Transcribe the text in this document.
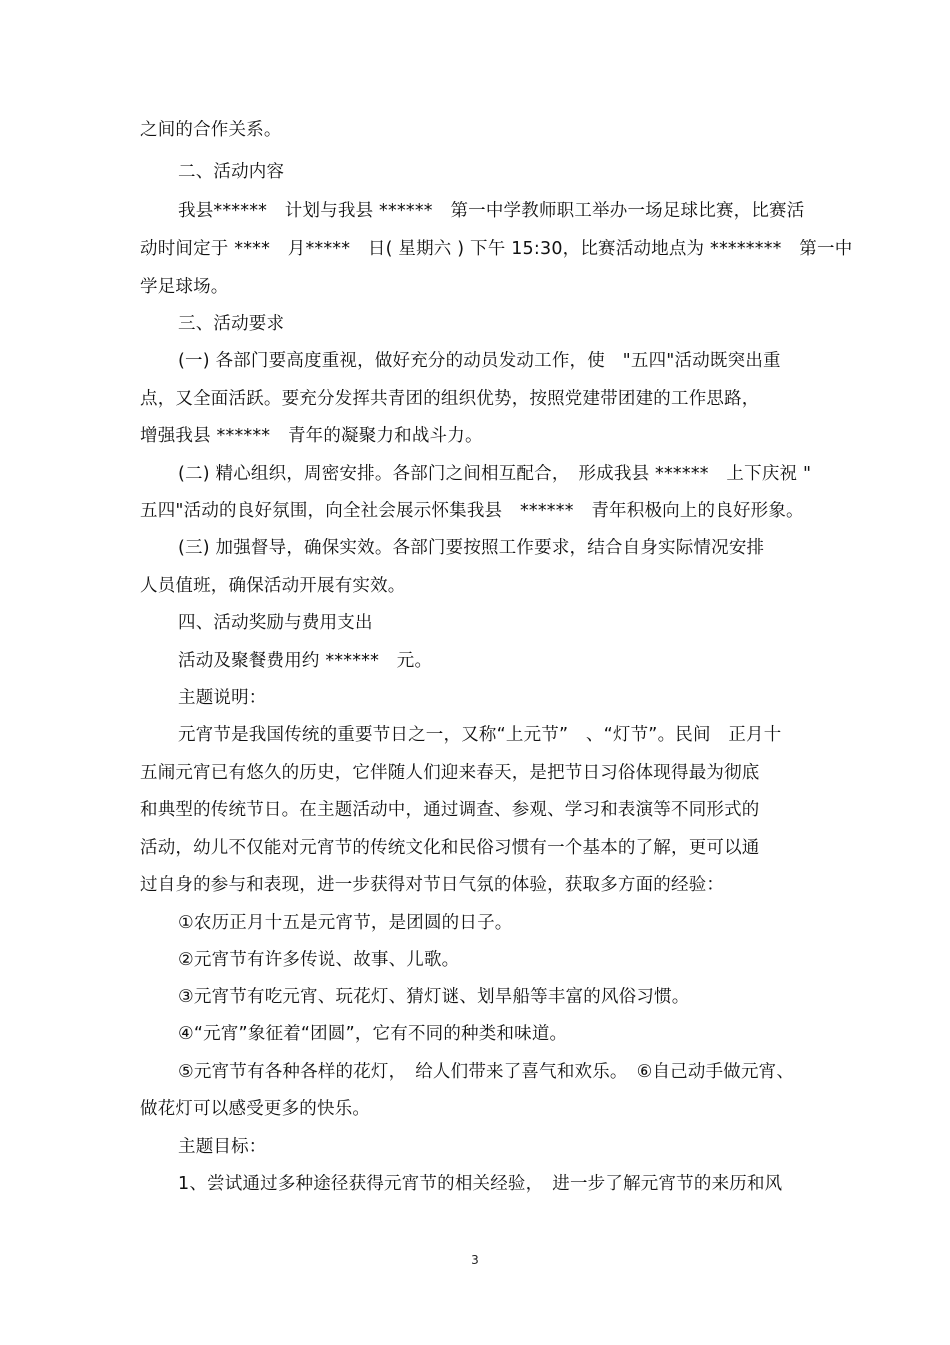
之间的合作关系。
二、活动内容
我县******　计划与我县 ******　第一中学教师职工举办一场足球比赛，比赛活
动时间定于 ****　月*****　日( 星期六 ) 下午 15:30，比赛活动地点为 ********　第一中
学足球场。
三、活动要求
(一) 各部门要高度重视，做好充分的动员发动工作，使　"五四"活动既突出重
点，又全面活跃。要充分发挥共青团的组织优势，按照党建带团建的工作思路，
增强我县 ******　青年的凝聚力和战斗力。
(二) 精心组织，周密安排。各部门之间相互配合，　形成我县 ******　上下庆祝 "
五四"活动的良好氛围，向全社会展示怀集我县　******　青年积极向上的良好形象。
(三) 加强督导，确保实效。各部门要按照工作要求，结合自身实际情况安排
人员值班，确保活动开展有实效。
四、活动奖励与费用支出
活动及聚餐费用约 ******　元。
主题说明：
元宵节是我国传统的重要节日之一，又称“上元节”　、“灯节”。民间　正月十
五闹元宵已有悠久的历史，它伴随人们迎来春天，是把节日习俗体现得最为彻底
和典型的传统节日。在主题活动中，通过调查、参观、学习和表演等不同形式的
活动，幼儿不仅能对元宵节的传统文化和民俗习惯有一个基本的了解，更可以通
过自身的参与和表现，进一步获得对节日气氛的体验，获取多方面的经验：
①农历正月十五是元宵节，是团圆的日子。
②元宵节有许多传说、故事、儿歌。
③元宵节有吃元宵、玩花灯、猜灯谜、划旱船等丰富的风俗习惯。
④“元宵”象征着“团圆”，它有不同的种类和味道。
⑤元宵节有各种各样的花灯，　给人们带来了喜气和欢乐。　⑥自己动手做元宵、
做花灯可以感受更多的快乐。
主题目标：
1、尝试通过多种途径获得元宵节的相关经验，　进一步了解元宵节的来历和风
3
